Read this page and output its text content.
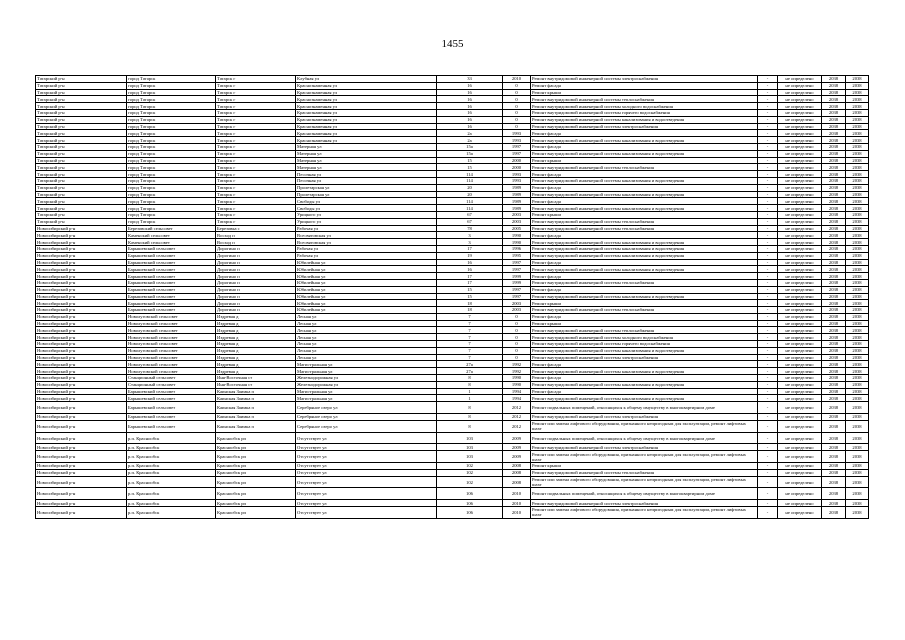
1455
Татарский р-н	город Татарск	Татарск г	Клубная ул	33	2010	Ремонт внутридомовой инженерной системы электроснабжения	-	не определено	2038	2038
Татарский р-н	город Татарск	Татарск г	Краснознаменная ул	16	0	Ремонт фасада	-	не определено	2038	2038
Татарский р-н	город Татарск	Татарск г	Краснознаменная ул	16	0	Ремонт крыши	-	не определено	2038	2038
Татарский р-н	город Татарск	Татарск г	Краснознаменная ул	16	0	Ремонт внутридомовой инженерной системы теплоснабжения	-	не определено	2038	2038
Татарский р-н	город Татарск	Татарск г	Краснознаменная ул	16	0	Ремонт внутридомовой инженерной системы холодного водоснабжения	-	не определено	2038	2038
Татарский р-н	город Татарск	Татарск г	Краснознаменная ул	16	0	Ремонт внутридомовой инженерной системы горячего водоснабжения	-	не определено	2038	2038
Татарский р-н	город Татарск	Татарск г	Краснознаменная ул	16	0	Ремонт внутридомовой инженерной системы канализования и водоотведения	-	не определено	2038	2038
Татарский р-н	город Татарск	Татарск г	Краснознаменная ул	16	0	Ремонт внутридомовой инженерной системы электроснабжения	-	не определено	2038	2038
Татарский р-н	город Татарск	Татарск г	Краснознаменная ул	2а	1993	Ремонт фасада	-	не определено	2038	2038
Татарский р-н	город Татарск	Татарск г	Краснознаменная ул	2а	1993	Ремонт внутридомовой инженерной системы канализования и водоотведения	-	не определено	2038	2038
Татарский р-н	город Татарск	Татарск г	Матерная ул	15а	1997	Ремонт фасада	-	не определено	2038	2038
Татарский р-н	город Татарск	Татарск г	Матерная ул	15а	1997	Ремонт внутридомовой инженерной системы канализования и водоотведения	-	не определено	2038	2038
Татарский р-н	город Татарск	Татарск г	Матерная ул	15	2000	Ремонт крыши	-	не определено	2038	2038
Татарский р-н	город Татарск	Татарск г	Матерная ул	15	2000	Ремонт внутридомовой инженерной системы теплоснабжения	-	не определено	2038	2038
Татарский р-н	город Татарск	Татарск г	Песочная ул	114	1993	Ремонт фасада	-	не определено	2038	2038
Татарский р-н	город Татарск	Татарск г	Песочная ул	114	1993	Ремонт внутридомовой инженерной системы канализования и водоотведения	-	не определено	2038	2038
Татарский р-н	город Татарск	Татарск г	Пролетарская ул	20	1989	Ремонт фасада	-	не определено	2038	2038
Татарский р-н	город Татарск	Татарск г	Пролетарская ул	20	1989	Ремонт внутридомовой инженерной системы канализования и водоотведения	-	не определено	2038	2038
Татарский р-н	город Татарск	Татарск г	Свободы ул	114	1989	Ремонт фасада	-	не определено	2038	2038
Татарский р-н	город Татарск	Татарск г	Свободы ул	114	1989	Ремонт внутридомовой инженерной системы канализования и водоотведения	-	не определено	2038	2038
Татарский р-н	город Татарск	Татарск г	Урицкого ул	67	2003	Ремонт крыши	-	не определено	2038	2038
Татарский р-н	город Татарск	Татарск г	Урицкого ул	67	2003	Ремонт внутридомовой инженерной системы теплоснабжения	-	не определено	2038	2038
Новосибирский р-н	Березовский сельсовет	Березовка с	Рабочая ул	78	2005	Ремонт внутридомовой инженерной системы теплоснабжения	-	не определено	2038	2038
Новосибирский р-н	Каменский сельсовет	Восход п	Всесвятовская ул	3	1990	Ремонт фасада	-	не определено	2038	2038
Новосибирский р-н	Каменский сельсовет	Восход п	Всесвятовская ул	3	1990	Ремонт внутридомовой инженерной системы канализования и водоотведения	-	не определено	2038	2038
Новосибирский р-н	Барышевский сельсовет	Дорогино п	Рабочая ул	17	1996	Ремонт внутридомовой инженерной системы канализования и водоотведения	-	не определено	2038	2038
Новосибирский р-н	Барышевский сельсовет	Дорогино п	Рабочая ул	19	1995	Ремонт внутридомовой инженерной системы канализования и водоотведения	-	не определено	2038	2038
Новосибирский р-н	Барышевский сельсовет	Дорогино п	Юбилейная ул	16	1997	Ремонт фасада	-	не определено	2038	2038
Новосибирский р-н	Барышевский сельсовет	Дорогино п	Юбилейная ул	16	1997	Ремонт внутридомовой инженерной системы канализования и водоотведения	-	не определено	2038	2038
Новосибирский р-н	Барышевский сельсовет	Дорогино п	Юбилейная ул	17	1999	Ремонт фасада	-	не определено	2038	2038
Новосибирский р-н	Барышевский сельсовет	Дорогино п	Юбилейная ул	17	1999	Ремонт внутридомовой инженерной системы теплоснабжения	-	не определено	2038	2038
Новосибирский р-н	Барышевский сельсовет	Дорогино п	Юбилейная ул	15	1997	Ремонт фасада	-	не определено	2038	2038
Новосибирский р-н	Барышевский сельсовет	Дорогино п	Юбилейная ул	15	1997	Ремонт внутридомовой инженерной системы канализования и водоотведения	-	не определено	2038	2038
Новосибирский р-н	Барышевский сельсовет	Дорогино п	Юбилейная ул	18	2003	Ремонт крыши	-	не определено	2038	2038
Новосибирский р-н	Барышевский сельсовет	Дорогино п	Юбилейная ул	18	2003	Ремонт внутридомовой инженерной системы теплоснабжения	-	не определено	2038	2038
Новосибирский р-н	Новолуговской сельсовет	Издревая д	Лесная ул	7	0	Ремонт фасада	-	не определено	2038	2038
Новосибирский р-н	Новолуговской сельсовет	Издревая д	Лесная ул	7	0	Ремонт крыши	-	не определено	2038	2038
Новосибирский р-н	Новолуговской сельсовет	Издревая д	Лесная ул	7	0	Ремонт внутридомовой инженерной системы теплоснабжения	-	не определено	2038	2038
Новосибирский р-н	Новолуговской сельсовет	Издревая д	Лесная ул	7	0	Ремонт внутридомовой инженерной системы холодного водоснабжения	-	не определено	2038	2038
Новосибирский р-н	Новолуговской сельсовет	Издревая д	Лесная ул	7	0	Ремонт внутридомовой инженерной системы горячего водоснабжения	-	не определено	2038	2038
Новосибирский р-н	Новолуговской сельсовет	Издревая д	Лесная ул	7	0	Ремонт внутридомовой инженерной системы канализования и водоотведения	-	не определено	2038	2038
Новосибирский р-н	Новолуговской сельсовет	Издревая д	Лесная ул	7	0	Ремонт внутридомовой инженерной системы электроснабжения	-	не определено	2038	2038
Новосибирский р-н	Новолуговской сельсовет	Издревая д	Магистральная ул	27а	1992	Ремонт фасада	-	не определено	2038	2038
Новосибирский р-н	Новолуговской сельсовет	Издревая д	Магистральная ул	27а	1992	Ремонт внутридомовой инженерной системы канализования и водоотведения	-	не определено	2038	2038
Новосибирский р-н	Станционный сельсовет	Иня-Восточная ст	Железнодорожная ул	8	1990	Ремонт фасада	-	не определено	2038	2038
Новосибирский р-н	Станционный сельсовет	Иня-Восточная ст	Железнодорожная ул	8	1990	Ремонт внутридомовой инженерной системы канализования и водоотведения	-	не определено	2038	2038
Новосибирский р-н	Барышевский сельсовет	Каинская Заимка п	Магистральная ул	1	1994	Ремонт фасада	-	не определено	2038	2038
Новосибирский р-н	Барышевский сельсовет	Каинская Заимка п	Магистральная ул	1	1994	Ремонт внутридомовой инженерной системы канализования и водоотведения	-	не определено	2038	2038
Новосибирский р-н	Барышевский сельсовет	Каинская Заимка п	Серебряное озеро ул	8	2012	Ремонт подвальных помещений, относящихся к общему имуществу в многоквартирном доме	-	не определено	2038	2038
Новосибирский р-н	Барышевский сельсовет	Каинская Заимка п	Серебряное озеро ул	8	2012	Ремонт внутридомовой инженерной системы электроснабжения	-	не определено	2038	2038
Новосибирский р-н	Барышевский сельсовет	Каинская Заимка п	Серебряное озеро ул	8	2012	Ремонт или замена лифтового оборудования, признанного непригодным для эксплуатации, ремонт лифтовых шахт	-	не определено	2038	2038
Новосибирский р-н	р.п. Краснообск	Краснообск рп	Отсутствует ул	103	2009	Ремонт подвальных помещений, относящихся к общему имуществу в многоквартирном доме	-	не определено	2038	2038
Новосибирский р-н	р.п. Краснообск	Краснообск рп	Отсутствует ул	103	2009	Ремонт внутридомовой инженерной системы электроснабжения	-	не определено	2038	2038
Новосибирский р-н	р.п. Краснообск	Краснообск рп	Отсутствует ул	103	2009	Ремонт или замена лифтового оборудования, признанного непригодным для эксплуатации, ремонт лифтовых шахт	-	не определено	2038	2038
Новосибирский р-н	р.п. Краснообск	Краснообск рп	Отсутствует ул	102	2008	Ремонт крыши	-	не определено	2038	2038
Новосибирский р-н	р.п. Краснообск	Краснообск рп	Отсутствует ул	102	2008	Ремонт внутридомовой инженерной системы теплоснабжения	-	не определено	2038	2038
Новосибирский р-н	р.п. Краснообск	Краснообск рп	Отсутствует ул	102	2008	Ремонт или замена лифтового оборудования, признанного непригодным для эксплуатации, ремонт лифтовых шахт	-	не определено	2038	2038
Новосибирский р-н	р.п. Краснообск	Краснообск рп	Отсутствует ул	106	2010	Ремонт подвальных помещений, относящихся к общему имуществу в многоквартирном доме	-	не определено	2038	2038
Новосибирский р-н	р.п. Краснообск	Краснообск рп	Отсутствует ул	106	2010	Ремонт внутридомовой инженерной системы электроснабжения	-	не определено	2038	2038
Новосибирский р-н	р.п. Краснообск	Краснообск рп	Отсутствует ул	106	2010	Ремонт или замена лифтового оборудования, признанного непригодным для эксплуатации, ремонт лифтовых шахт	-	не определено	2038	2038
